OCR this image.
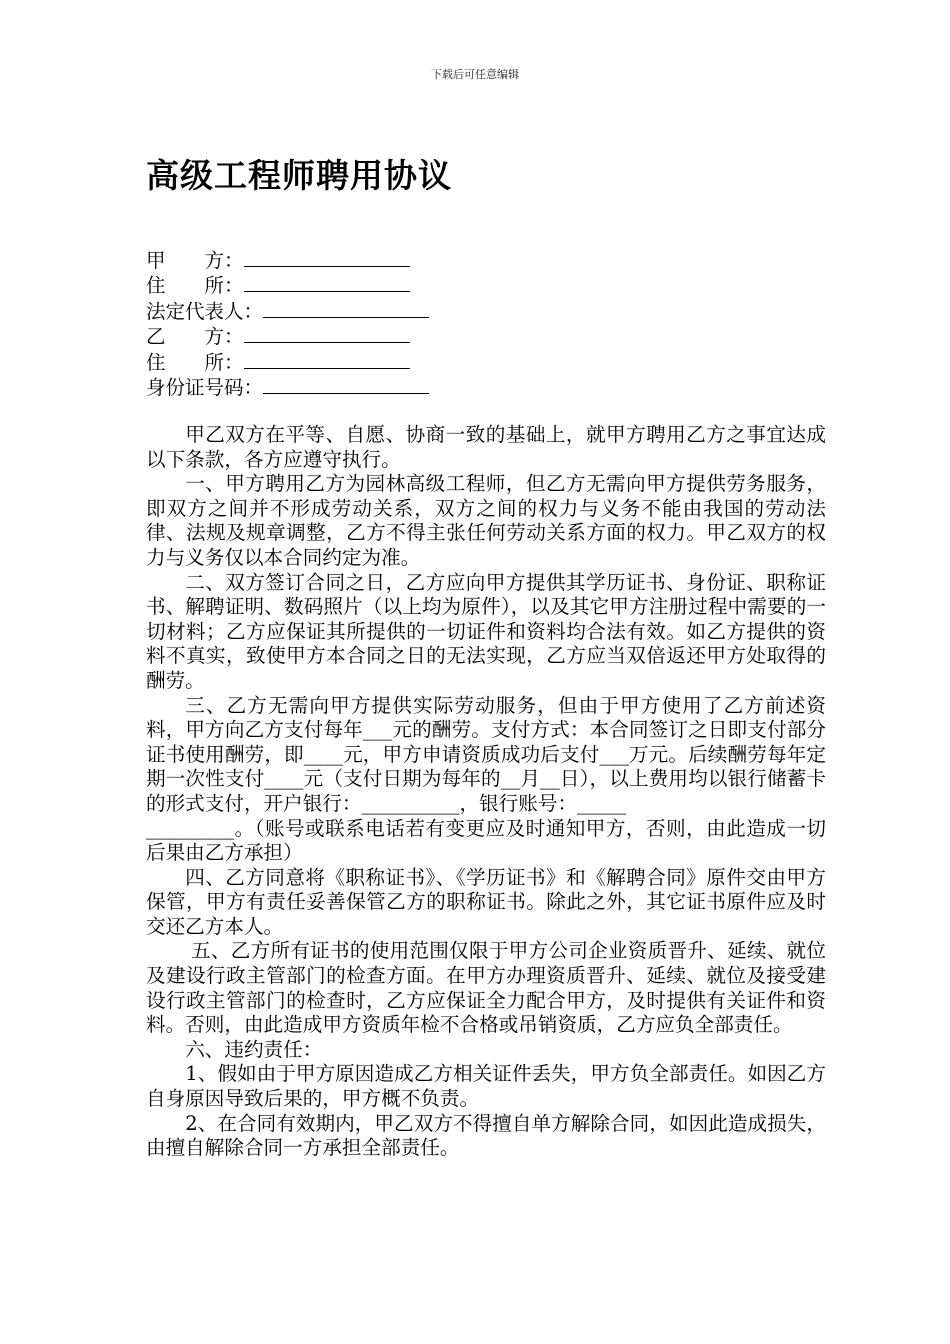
下载后可任意编辑
高级工程师聘用协议
甲　　方：
住　　所：
法定代表人：
乙　　方：
住　　所：
身份证号码：

甲乙双方在平等、自愿、协商一致的基础上，就甲方聘用乙方之事宜达成以下条款，各方应遵守执行。

一、甲方聘用乙方为园林高级工程师，但乙方无需向甲方提供劳务服务，即双方之间并不形成劳动关系，双方之间的权力与义务不能由我国的劳动法律、法规及规章调整，乙方不得主张任何劳动关系方面的权力。甲乙双方的权力与义务仅以本合同约定为准。

二、双方签订合同之日，乙方应向甲方提供其学历证书、身份证、职称证书、解聘证明、数码照片（以上均为原件），以及其它甲方注册过程中需要的一切材料；乙方应保证其所提供的一切证件和资料均合法有效。如乙方提供的资料不真实，致使甲方本合同之日的无法实现，乙方应当双倍返还甲方处取得的酬劳。

三、乙方无需向甲方提供实际劳动服务，但由于甲方使用了乙方前述资料，甲方向乙方支付每年___元的酬劳。支付方式：本合同签订之日即支付部分证书使用酬劳，即____元，甲方申请资质成功后支付___万元。后续酬劳每年定期一次性支付____元（支付日期为每年的__月__日），以上费用均以银行储蓄卡的形式支付，开户银行：__________，银行账号：_____

_________。（账号或联系电话若有变更应及时通知甲方，否则，由此造成一切后果由乙方承担）

四、乙方同意将《职称证书》、《学历证书》和《解聘合同》原件交由甲方保管，甲方有责任妥善保管乙方的职称证书。除此之外，其它证书原件应及时交还乙方本人。

五、乙方所有证书的使用范围仅限于甲方公司企业资质晋升、延续、就位及建设行政主管部门的检查方面。在甲方办理资质晋升、延续、就位及接受建设行政主管部门的检查时，乙方应保证全力配合甲方，及时提供有关证件和资料。否则，由此造成甲方资质年检不合格或吊销资质，乙方应负全部责任。

六、违约责任：

1、假如由于甲方原因造成乙方相关证件丢失，甲方负全部责任。如因乙方自身原因导致后果的，甲方概不负责。

2、在合同有效期内，甲乙双方不得擅自单方解除合同，如因此造成损失，由擅自解除合同一方承担全部责任。
